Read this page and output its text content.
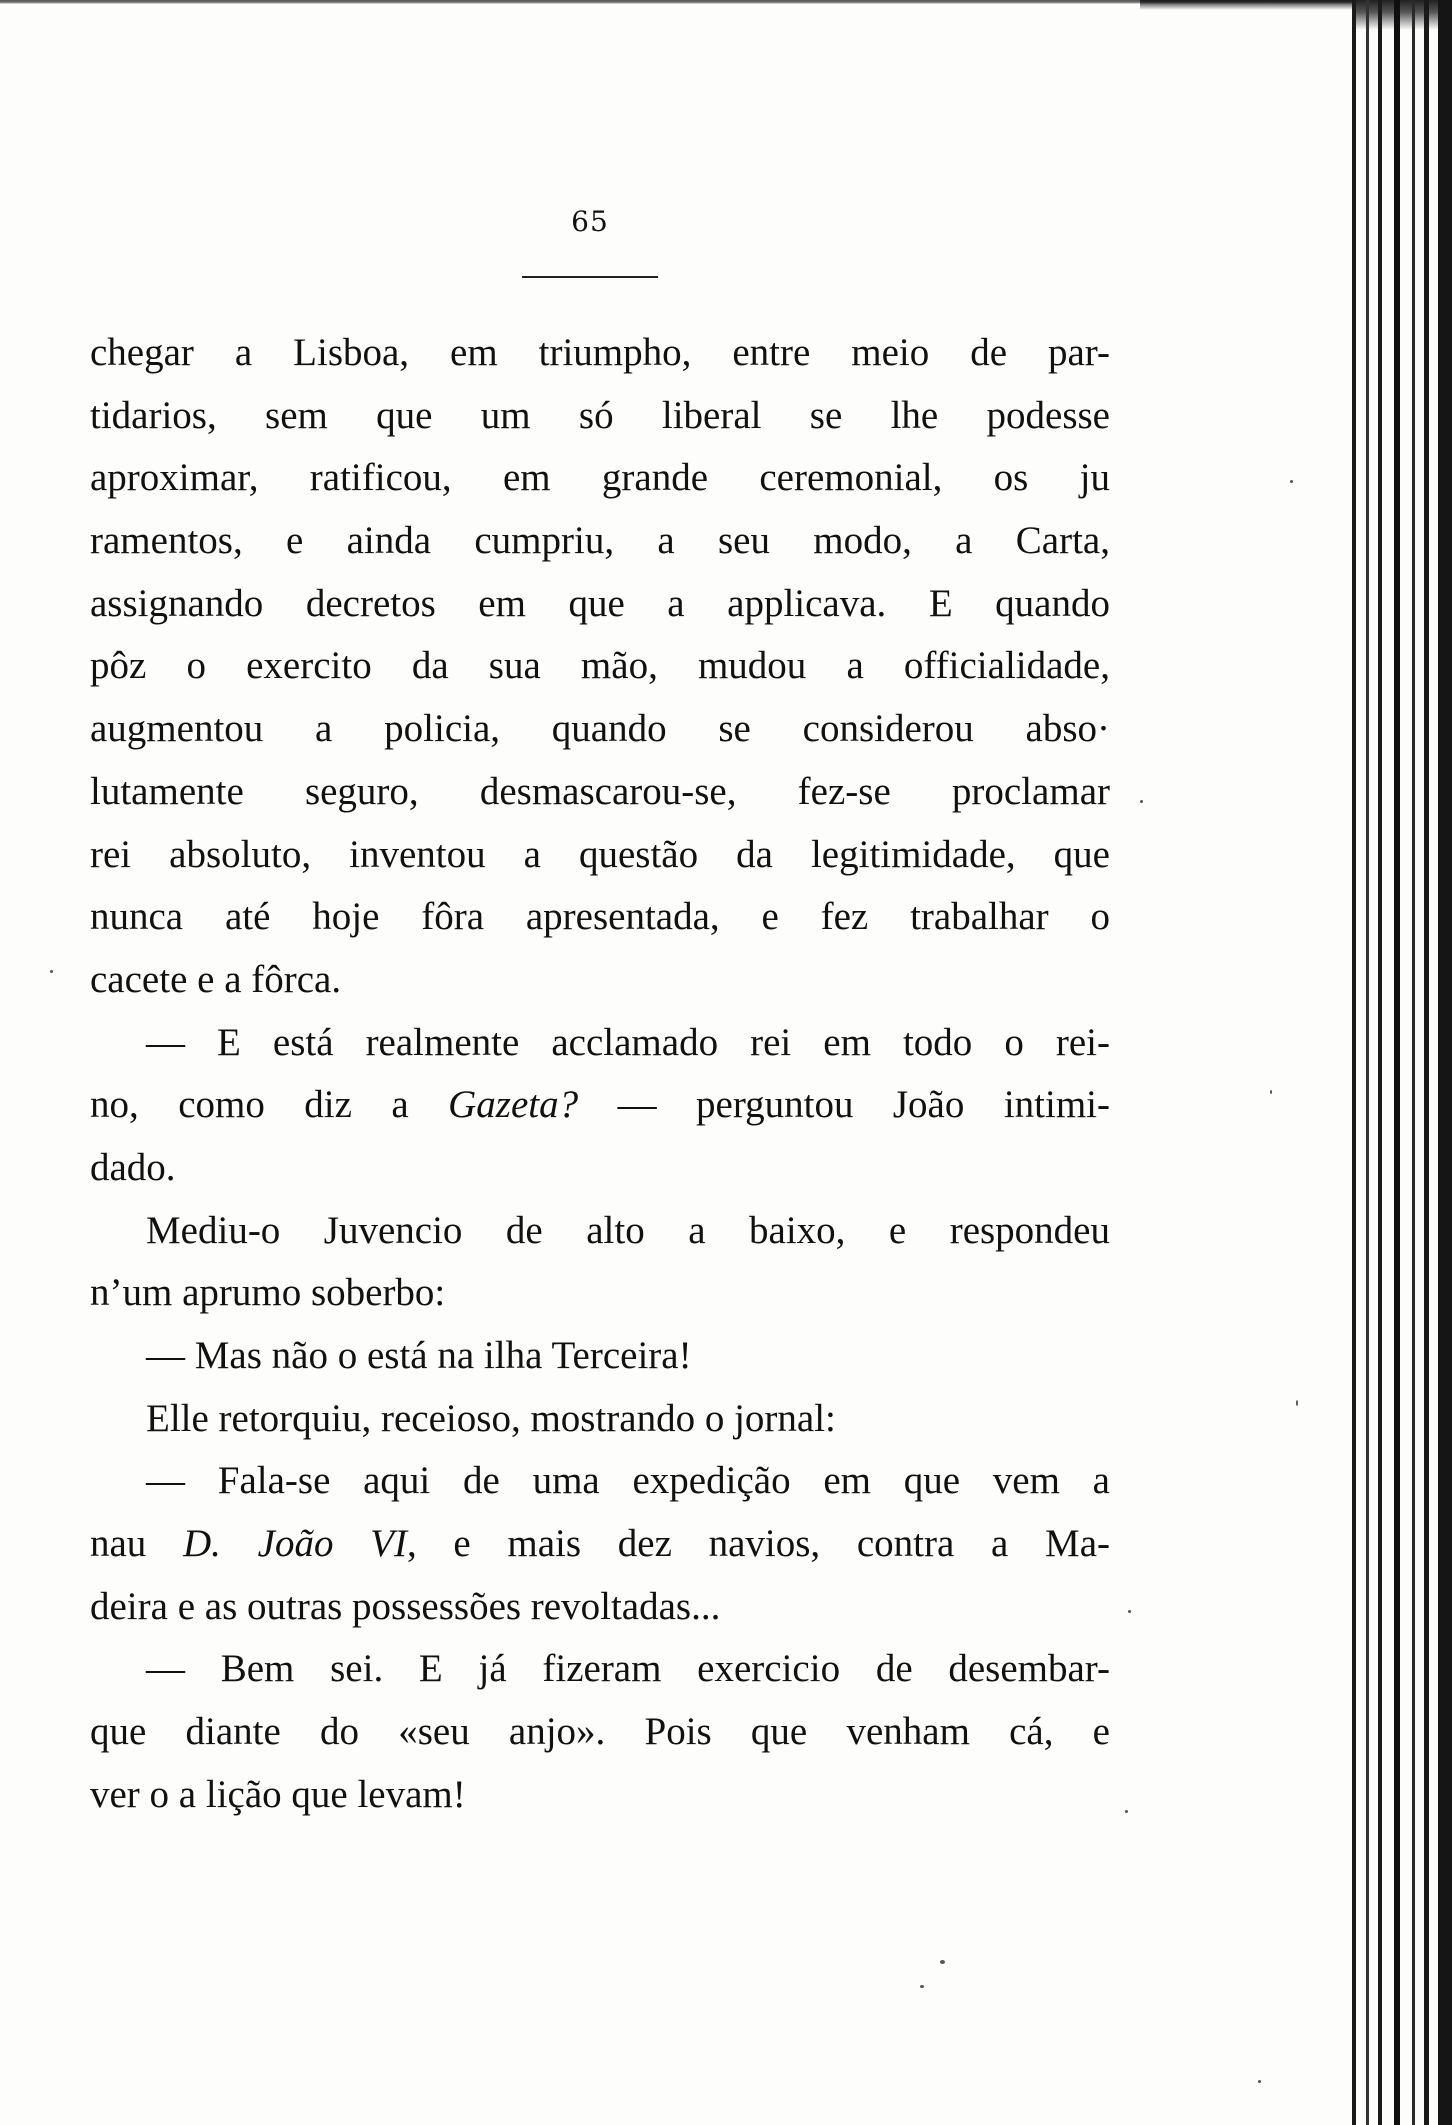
65
chegar a Lisboa, em triumpho, entre meio de par-
tidarios, sem que um só liberal se lhe podesse
aproximar, ratificou, em grande ceremonial, os ju
ramentos, e ainda cumpriu, a seu modo, a Carta,
assignando decretos em que a applicava. E quando
pôz o exercito da sua mão, mudou a officialidade,
augmentou a policia, quando se considerou abso·
lutamente seguro, desmascarou-se, fez-se proclamar
rei absoluto, inventou a questão da legitimidade, que
nunca até hoje fôra apresentada, e fez trabalhar o
cacete e a fôrca.
— E está realmente acclamado rei em todo o rei-
no, como diz a Gazeta? — perguntou João intimi-
dado.
Mediu-o Juvencio de alto a baixo, e respondeu
n’um aprumo soberbo:
— Mas não o está na ilha Terceira!
Elle retorquiu, receioso, mostrando o jornal:
— Fala-se aqui de uma expedição em que vem a
nau D. João VI, e mais dez navios, contra a Ma-
deira e as outras possessões revoltadas...
— Bem sei. E já fizeram exercicio de desembar-
que diante do «seu anjo». Pois que venham cá, e
ver o a lição que levam!
